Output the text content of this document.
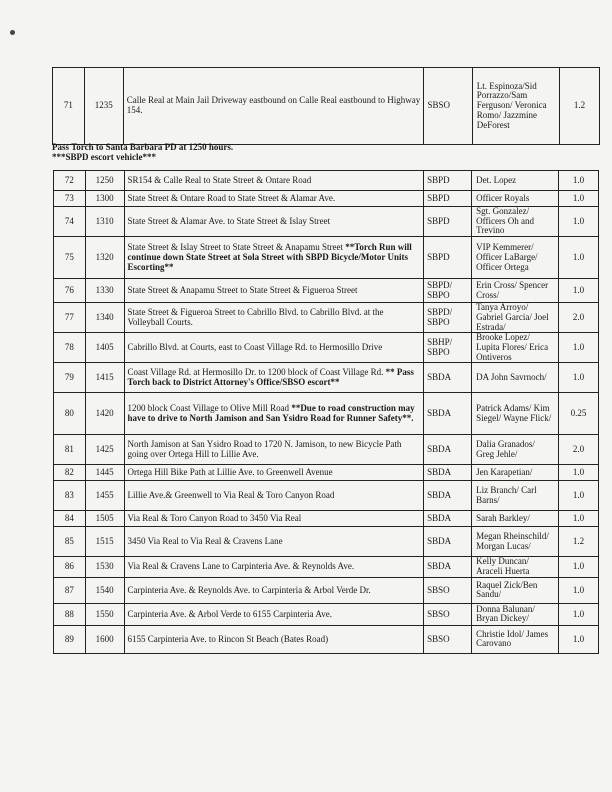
71	1235	Calle Real at Main Jail Driveway eastbound on Calle Real eastbound to Highway 154.	SBSO	Lt. Espinoza/Sid Porrazzo/Sam Ferguson/ Veronica Romo/ Jazzmine DeForest	1.2
Pass Torch to Santa Barbara PD at 1250 hours.
***SBPD escort vehicle***
72	1250	SR154 & Calle Real to State Street & Ontare Road	SBPD	Det. Lopez	1.0
73	1300	State Street & Ontare Road to State Street & Alamar Ave.	SBPD	Officer Royals	1.0
74	1310	State Street & Alamar Ave. to State Street & Islay Street	SBPD	Sgt. Gonzalez/ Officers Oh and Trevino	1.0
75	1320	State Street & Islay Street to State Street & Anapamu Street **Torch Run will continue down State Street at Sola Street with SBPD Bicycle/Motor Units Escorting**	SBPD	VIP Kemmerer/ Officer LaBarge/ Officer Ortega	1.0
76	1330	State Street & Anapamu Street to State Street & Figueroa Street	SBPD/ SBPO	Erin Cross/ Spencer Cross/	1.0
77	1340	State Street & Figueroa Street to Cabrillo Blvd. to Cabrillo Blvd. at the Volleyball Courts.	SBPD/ SBPO	Tanya Arroyo/ Gabriel Garcia/ Joel Estrada/	2.0
78	1405	Cabrillo Blvd. at Courts, east to Coast Village Rd. to Hermosillo Drive	SBHP/ SBPO	Brooke Lopez/ Lupita Flores/ Erica Ontiveros	1.0
79	1415	Coast Village Rd. at Hermosillo Dr. to 1200 block of Coast Village Rd. ** Pass Torch back to District Attorney's Office/SBSO escort**	SBDA	DA John Savrnoch/	1.0
80	1420	1200 block Coast Village to Olive Mill Road **Due to road construction may have to drive to North Jamison and San Ysidro Road for Runner Safety**.	SBDA	Patrick Adams/ Kim Siegel/ Wayne Flick/	0.25
81	1425	North Jamison at San Ysidro Road to 1720 N. Jamison, to new Bicycle Path going over Ortega Hill to Lillie Ave.	SBDA	Dalia Granados/ Greg Jehle/	2.0
82	1445	Ortega Hill Bike Path at Lillie Ave. to Greenwell Avenue	SBDA	Jen Karapetian/	1.0
83	1455	Lillie Ave.& Greenwell to Via Real & Toro Canyon Road	SBDA	Liz Branch/ Carl Barns/	1.0
84	1505	Via Real & Toro Canyon Road to 3450 Via Real	SBDA	Sarah Barkley/	1.0
85	1515	3450 Via Real to Via Real & Cravens Lane	SBDA	Megan Rheinschild/ Morgan Lucas/	1.2
86	1530	Via Real & Cravens Lane to Carpinteria Ave. & Reynolds Ave.	SBDA	Kelly Duncan/ Araceli Huerta	1.0
87	1540	Carpinteria Ave. & Reynolds Ave. to Carpinteria & Arbol Verde Dr.	SBSO	Raquel Zick/Ben Sandu/	1.0
88	1550	Carpinteria Ave. & Arbol Verde to 6155 Carpinteria Ave.	SBSO	Donna Balunan/ Bryan Dickey/	1.0
89	1600	6155 Carpinteria Ave. to Rincon St Beach (Bates Road)	SBSO	Christie Idol/ James Carovano	1.0
